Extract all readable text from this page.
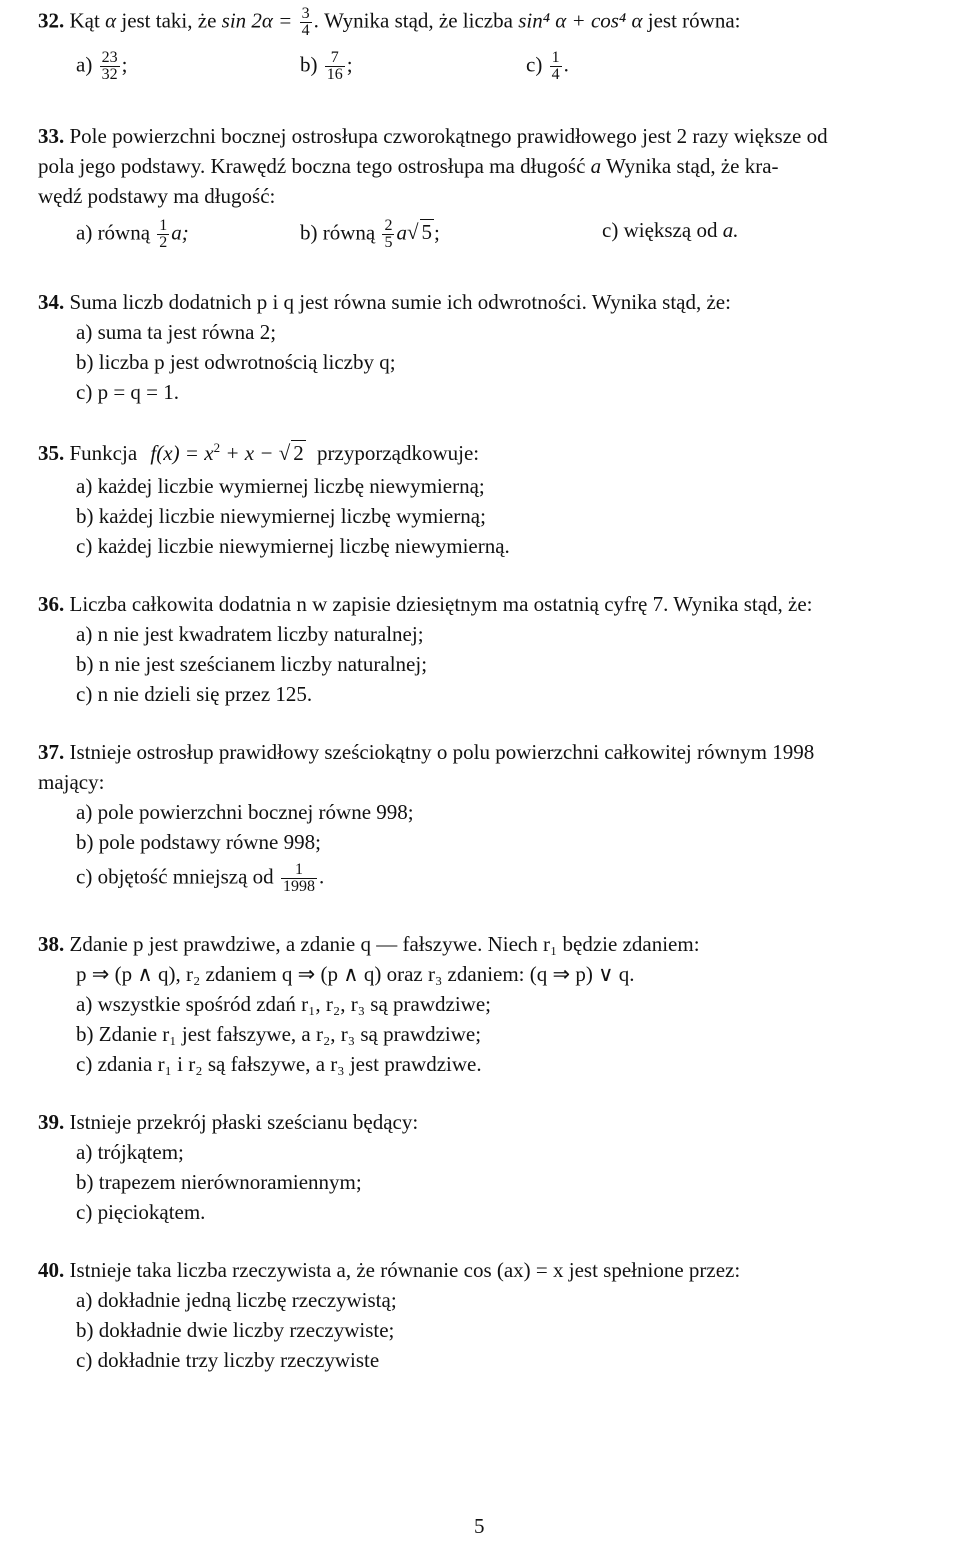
32. Kąt α jest taki, że $\sin 2\alpha = \frac{3}{4}$ . Wynika stąd, że liczba sin⁴ α + cos⁴ α jest równa:
$a) \frac{23}{32}$ ;	$b) \frac{7}{16}$ ;	$c) \frac{1}{4}$ .
33. Pole powierzchni bocznej ostrosłupa czworokątnego prawidłowego jest 2 razy większe od
pola jego podstawy. Krawędź boczna tego ostrosłupa ma długość a Wynika stąd, że kra-
wędź podstawy ma długość:
a) równą $\frac{1}{2} a$;	b) równą $\frac{2}{5} a√$ 5;	c) większą od a.
34. Suma liczb dodatnich p i q jest równa sumie ich odwrotności. Wynika stąd, że:
a) suma ta jest równa 2;
b) liczba p jest odwrotnością liczby q;
c) p = q = 1.
35. Funkcja $f(x) = x^2 + x$ − √ 2 przyporządkowuje:
a) każdej liczbie wymiernej liczbę niewymierną;
b) każdej liczbie niewymiernej liczbę wymierną;
c) każdej liczbie niewymiernej liczbę niewymierną.
36. Liczba całkowita dodatnia n w zapisie dziesiętnym ma ostatnią cyfrę 7. Wynika stąd, że:
a) n nie jest kwadratem liczby naturalnej;
b) n nie jest sześcianem liczby naturalnej;
c) n nie dzieli się przez 125.
37. Istnieje ostrosłup prawidłowy sześciokątny o polu powierzchni całkowitej równym 1998
mający:
a) pole powierzchni bocznej równe 998;
b) pole podstawy równe 998;
c) objętość mniejszą od $\frac{1}{1998}$ .
38. Zdanie p jest prawdziwe, a zdanie q — fałszywe. Niech r₁ będzie zdaniem:
p ⇒ (p ∧ q), r₂ zdaniem q ⇒ (p ∧ q) oraz r₃ zdaniem: (q ⇒ p) ∨ q.
a) wszystkie spośród zdań r₁, r₂, r₃ są prawdziwe;
b) Zdanie r₁ jest fałszywe, a r₂, r₃ są prawdziwe;
c) zdania r₁ i r₂ są fałszywe, a r₃ jest prawdziwe.
39. Istnieje przekrój płaski sześcianu będący:
a) trójkątem;
b) trapezem nierównoramiennym;
c) pięciokątem.
40. Istnieje taka liczba rzeczywista a, że równanie cos (ax) = x jest spełnione przez:
a) dokładnie jedną liczbę rzeczywistą;
b) dokładnie dwie liczby rzeczywiste;
c) dokładnie trzy liczby rzeczywiste
5
